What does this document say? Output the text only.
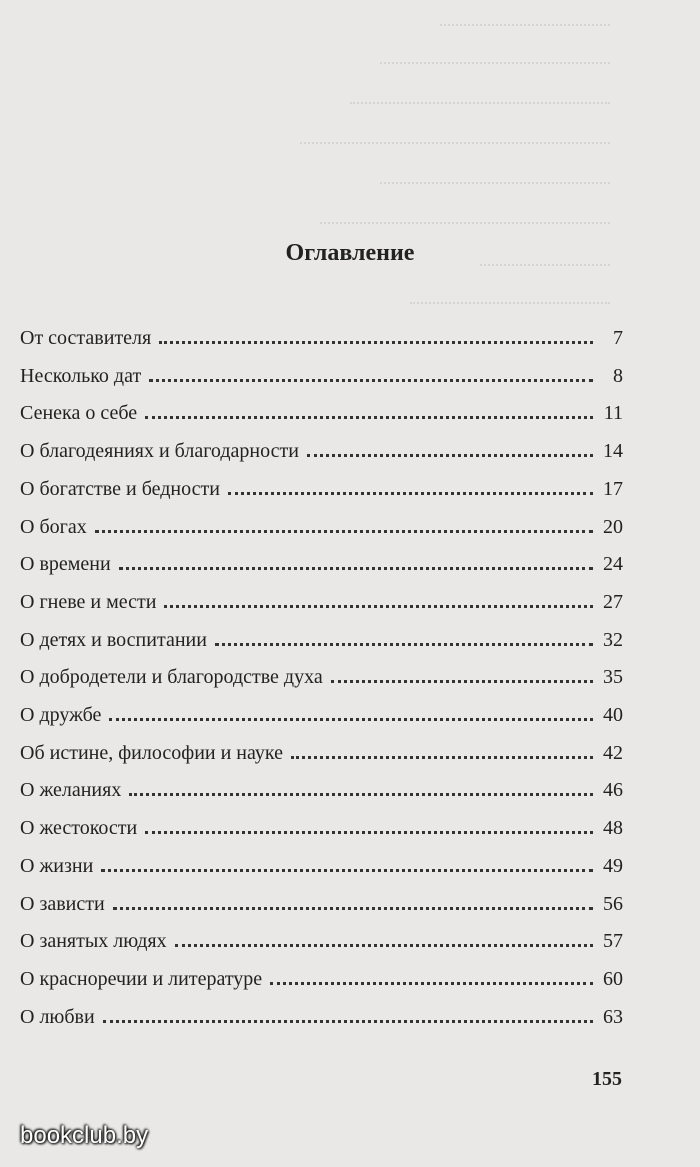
Оглавление
От составителя	7
Несколько дат	8
Сенека о себе	11
О благодеяниях и благодарности	14
О богатстве и бедности	17
О богах	20
О времени	24
О гневе и мести	27
О детях и воспитании	32
О добродетели и благородстве духа	35
О дружбе	40
Об истине, философии и науке	42
О желаниях	46
О жестокости	48
О жизни	49
О зависти	56
О занятых людях	57
О красноречии и литературе	60
О любви	63
155
bookclub.by
